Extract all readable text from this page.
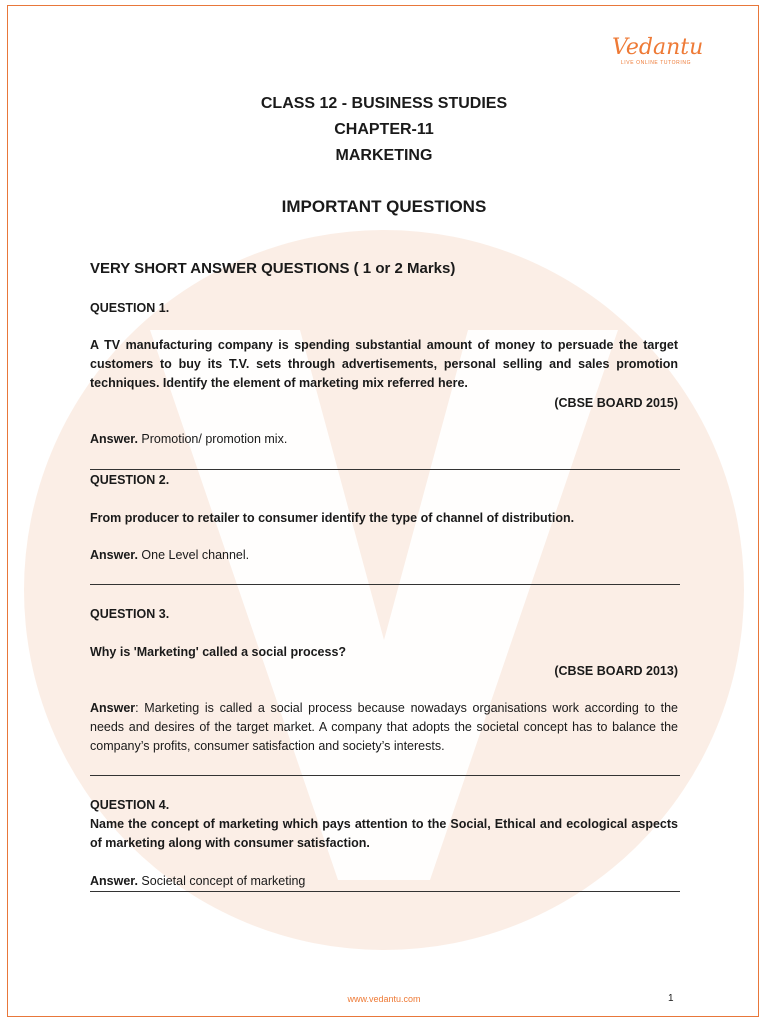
Vedantu
LIVE ONLINE TUTORING
CLASS 12 - BUSINESS STUDIES
CHAPTER-11
MARKETING
IMPORTANT QUESTIONS
VERY SHORT ANSWER QUESTIONS ( 1 or 2 Marks)
QUESTION 1.
A TV manufacturing company is spending substantial amount of money to persuade the target customers to buy its T.V. sets through advertisements, personal selling and sales promotion techniques. Identify the element of marketing mix referred here.
(CBSE BOARD 2015)
Answer. Promotion/ promotion mix.
QUESTION 2.
From producer to retailer to consumer identify the type of channel of distribution.
Answer. One Level channel.
QUESTION 3.
Why is 'Marketing' called a social process?
(CBSE BOARD 2013)
Answer: Marketing is called a social process because nowadays organisations work according to the needs and desires of the target market. A company that adopts the societal concept has to balance the company’s profits, consumer satisfaction and society’s interests.
QUESTION 4.
Name the concept of marketing which pays attention to the Social, Ethical and ecological aspects of marketing along with consumer satisfaction.
Answer. Societal concept of marketing
www.vedantu.com	1
